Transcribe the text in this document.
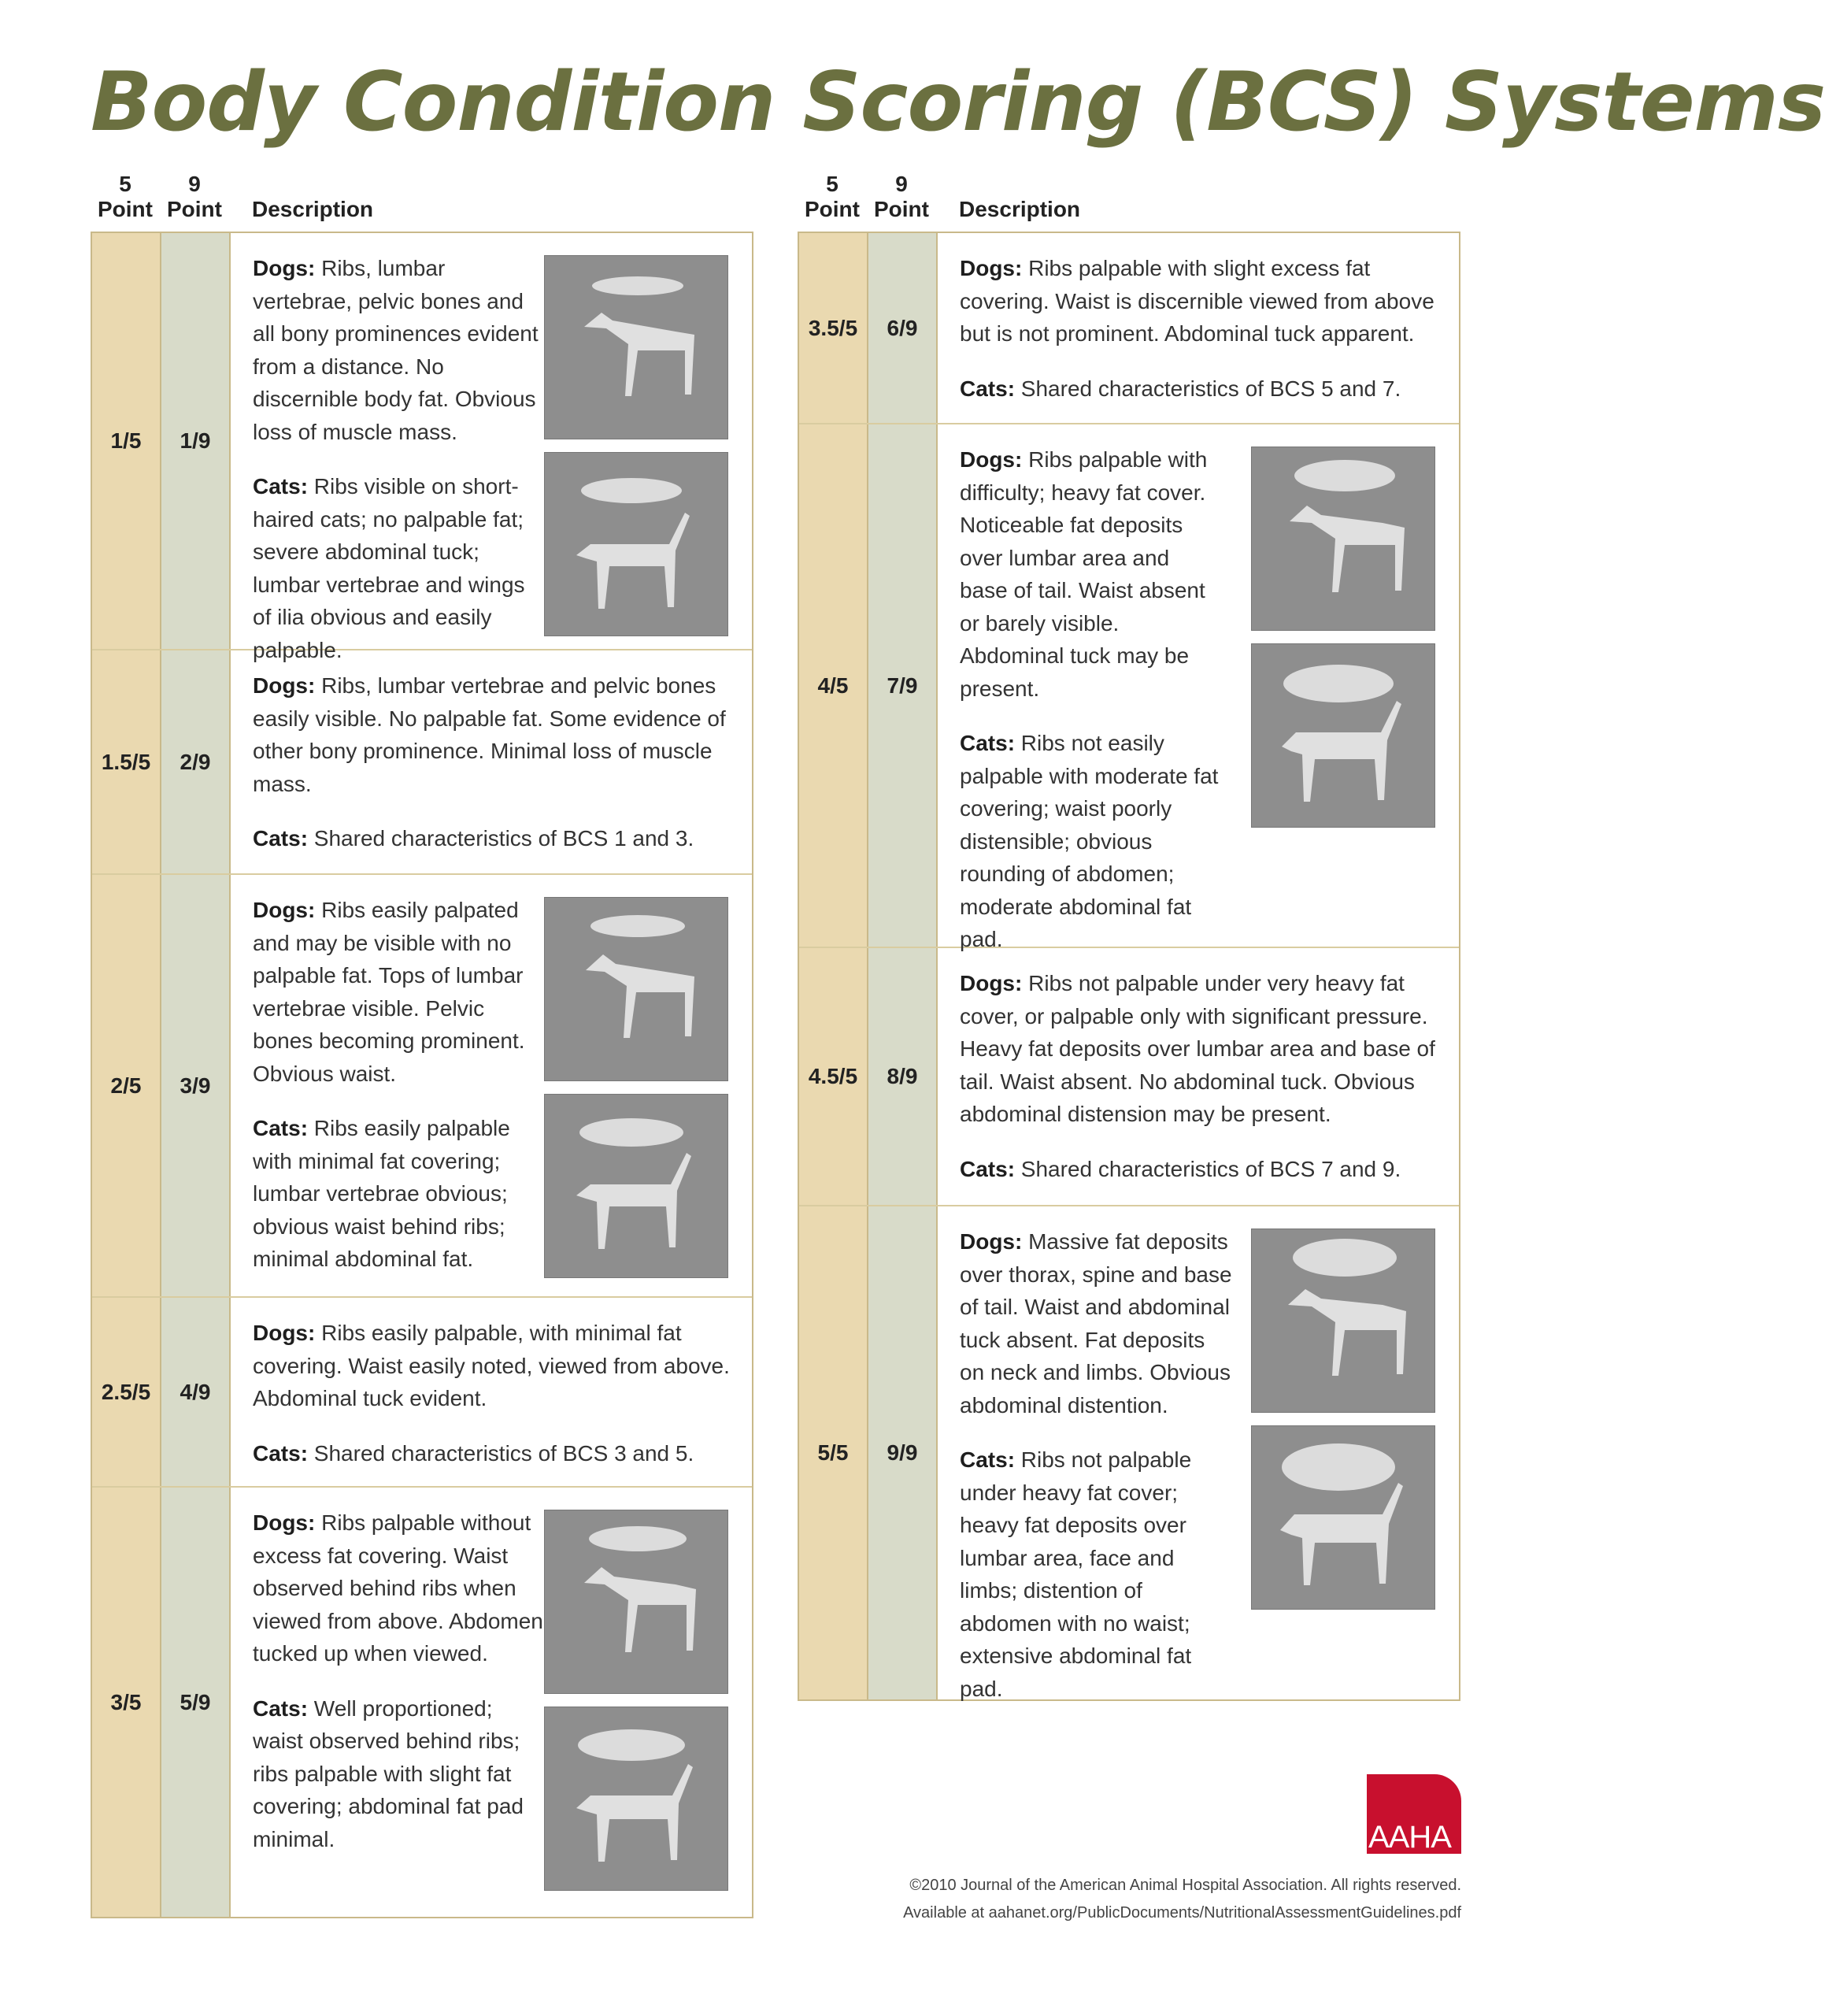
Body Condition Scoring (BCS) Systems
5
Point
9
Point	Description
1/5	1/9
Dogs: Ribs, lumbar vertebrae, pelvic bones and all bony prominences evident from a distance. No discernible body fat. Obvious loss of muscle mass.
Cats: Ribs visible on short-haired cats; no palpable fat; severe abdominal tuck; lumbar vertebrae and wings of ilia obvious and easily palpable.
1.5/5	2/9
Dogs: Ribs, lumbar vertebrae and pelvic bones easily visible. No palpable fat. Some evidence of other bony prominence. Minimal loss of muscle mass.
Cats: Shared characteristics of BCS 1 and 3.
2/5	3/9
Dogs: Ribs easily palpated and may be visible with no palpable fat. Tops of lumbar vertebrae visible. Pelvic bones becoming prominent. Obvious waist.
Cats: Ribs easily palpable with minimal fat covering; lumbar vertebrae obvious; obvious waist behind ribs; minimal abdominal fat.
2.5/5	4/9
Dogs: Ribs easily palpable, with minimal fat covering. Waist easily noted, viewed from above. Abdominal tuck evident.
Cats: Shared characteristics of BCS 3 and 5.
3/5	5/9
Dogs: Ribs palpable without excess fat covering. Waist observed behind ribs when viewed from above. Abdomen tucked up when viewed.
Cats: Well proportioned; waist observed behind ribs; ribs palpable with slight fat covering; abdominal fat pad minimal.
5
Point
9
Point	Description
3.5/5	6/9
Dogs: Ribs palpable with slight excess fat covering. Waist is discernible viewed from above but is not prominent. Abdominal tuck apparent.
Cats: Shared characteristics of BCS 5 and 7.
4/5	7/9
Dogs: Ribs palpable with difficulty; heavy fat cover. Noticeable fat deposits over lumbar area and base of tail. Waist absent or barely visible. Abdominal tuck may be present.
Cats: Ribs not easily palpable with moderate fat covering; waist poorly distensible; obvious rounding of abdomen; moderate abdominal fat pad.
4.5/5	8/9
Dogs: Ribs not palpable under very heavy fat cover, or palpable only with significant pressure. Heavy fat deposits over lumbar area and base of tail. Waist absent. No abdominal tuck. Obvious abdominal distension may be present.
Cats: Shared characteristics of BCS 7 and 9.
5/5	9/9
Dogs: Massive fat deposits over thorax, spine and base of tail. Waist and abdominal tuck absent. Fat deposits on neck and limbs. Obvious abdominal distention.
Cats: Ribs not palpable under heavy fat cover; heavy fat deposits over lumbar area, face and limbs; distention of abdomen with no waist; extensive abdominal fat pad.
AAHA
©2010 Journal of the American Animal Hospital Association. All rights reserved.
Available at aahanet.org/PublicDocuments/NutritionalAssessmentGuidelines.pdf
